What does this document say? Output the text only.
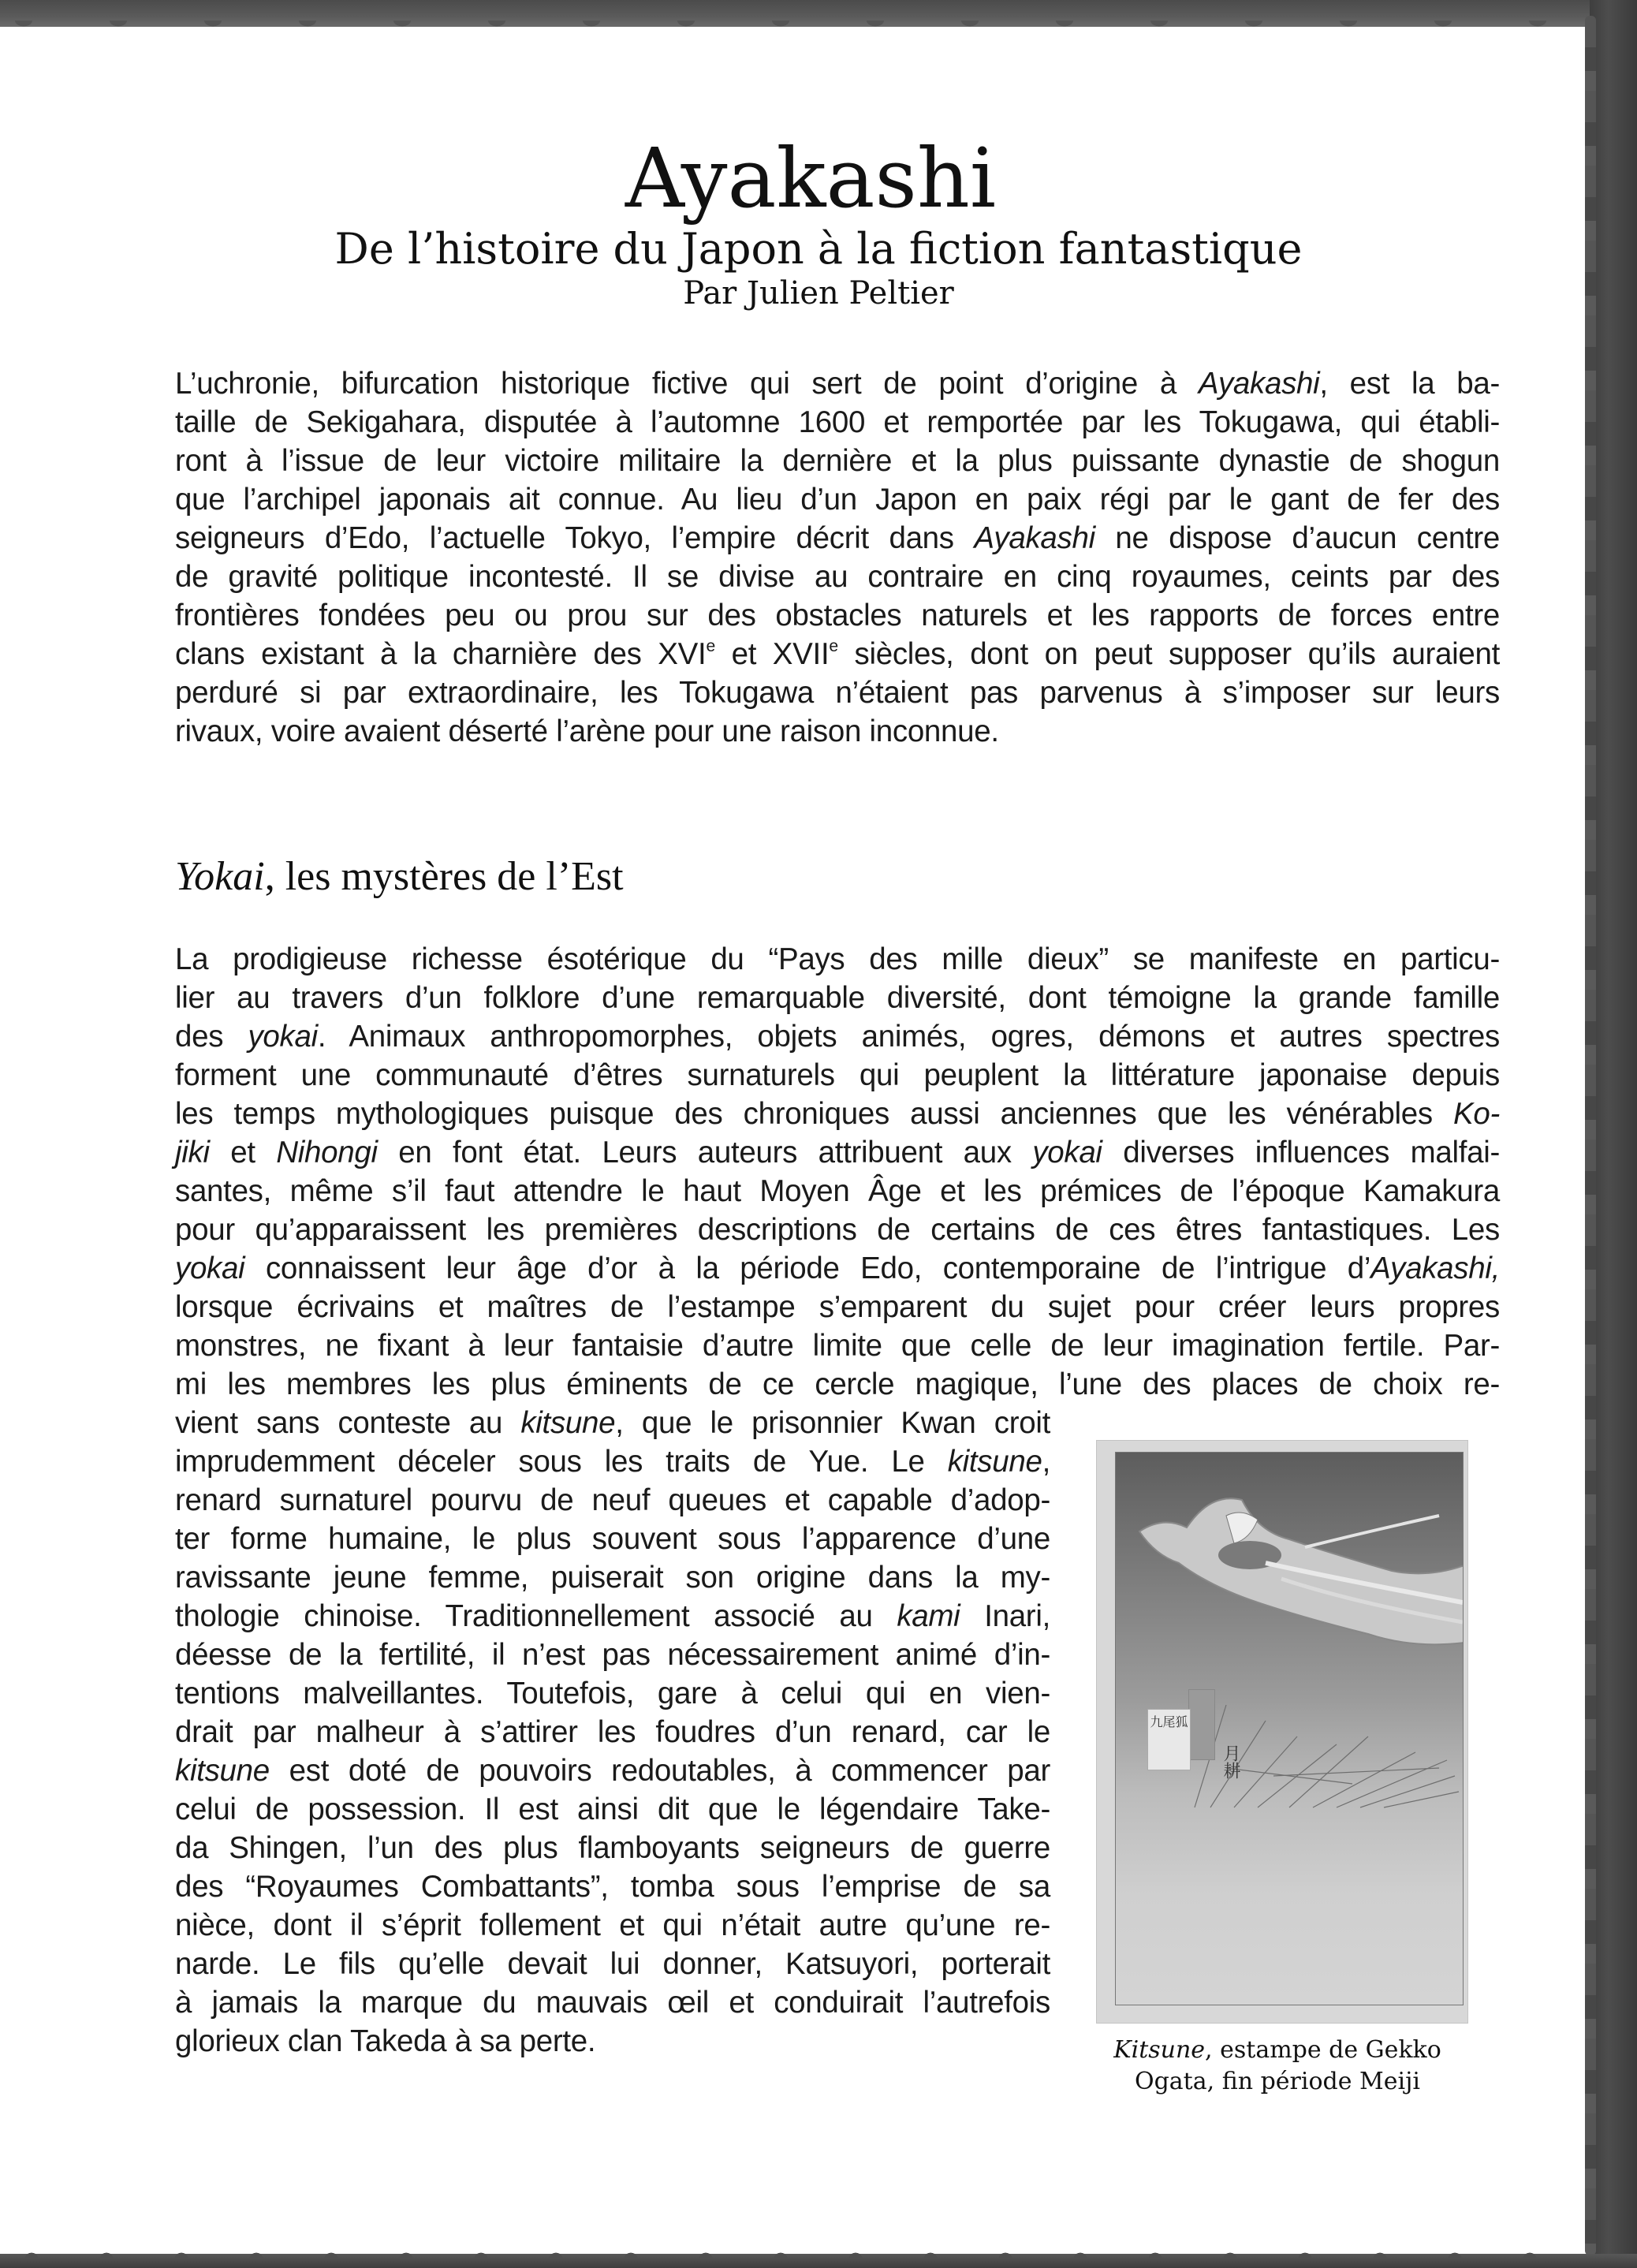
Ayakashi
De l’histoire du Japon à la fiction fantastique
Par Julien Peltier
L’uchronie, bifurcation historique fictive qui sert de point d’origine à Ayakashi, est la ba-
taille de Sekigahara, disputée à l’automne 1600 et remportée par les Tokugawa, qui établi-
ront à l’issue de leur victoire militaire la dernière et la plus puissante dynastie de shogun
que l’archipel japonais ait connue. Au lieu d’un Japon en paix régi par le gant de fer des
seigneurs d’Edo, l’actuelle Tokyo, l’empire décrit dans Ayakashi ne dispose d’aucun centre
de gravité politique incontesté. Il se divise au contraire en cinq royaumes, ceints par des
frontières fondées peu ou prou sur des obstacles naturels et les rapports de forces entre
clans existant à la charnière des XVIe et XVIIe siècles, dont on peut supposer qu’ils auraient
perduré si par extraordinaire, les Tokugawa n’étaient pas parvenus à s’imposer sur leurs
rivaux, voire avaient déserté l’arène pour une raison inconnue.
Yokai, les mystères de l’Est
La prodigieuse richesse ésotérique du “Pays des mille dieux” se manifeste en particu-
lier au travers d’un folklore d’une remarquable diversité, dont témoigne la grande famille
des yokai. Animaux anthropomorphes, objets animés, ogres, démons et autres spectres
forment une communauté d’êtres surnaturels qui peuplent la littérature japonaise depuis
les temps mythologiques puisque des chroniques aussi anciennes que les vénérables Ko-
jiki et Nihongi en font état. Leurs auteurs attribuent aux yokai diverses influences malfai-
santes, même s’il faut attendre le haut Moyen Âge et les prémices de l’époque Kamakura
pour qu’apparaissent les premières descriptions de certains de ces êtres fantastiques. Les
yokai connaissent leur âge d’or à la période Edo, contemporaine de l’intrigue d’Ayakashi,
lorsque écrivains et maîtres de l’estampe s’emparent du sujet pour créer leurs propres
monstres, ne fixant à leur fantaisie d’autre limite que celle de leur imagination fertile. Par-
mi les membres les plus éminents de ce cercle magique, l’une des places de choix re-
vient sans conteste au kitsune, que le prisonnier Kwan croit
imprudemment déceler sous les traits de Yue. Le kitsune,
renard surnaturel pourvu de neuf queues et capable d’adop-
ter forme humaine, le plus souvent sous l’apparence d’une
ravissante jeune femme, puiserait son origine dans la my-
thologie chinoise. Traditionnellement associé au kami Inari,
déesse de la fertilité, il n’est pas nécessairement animé d’in-
tentions malveillantes. Toutefois, gare à celui qui en vien-
drait par malheur à s’attirer les foudres d’un renard, car le
kitsune est doté de pouvoirs redoutables, à commencer par
celui de possession. Il est ainsi dit que le légendaire Take-
da Shingen, l’un des plus flamboyants seigneurs de guerre
des “Royaumes Combattants”, tomba sous l’emprise de sa
nièce, dont il s’éprit follement et qui n’était autre qu’une re-
narde. Le fils qu’elle devait lui donner, Katsuyori, porterait
à jamais la marque du mauvais œil et conduirait l’autrefois
glorieux clan Takeda à sa perte.
九尾狐
月耕
Kitsune, estampe de Gekko
Ogata, fin période Meiji
